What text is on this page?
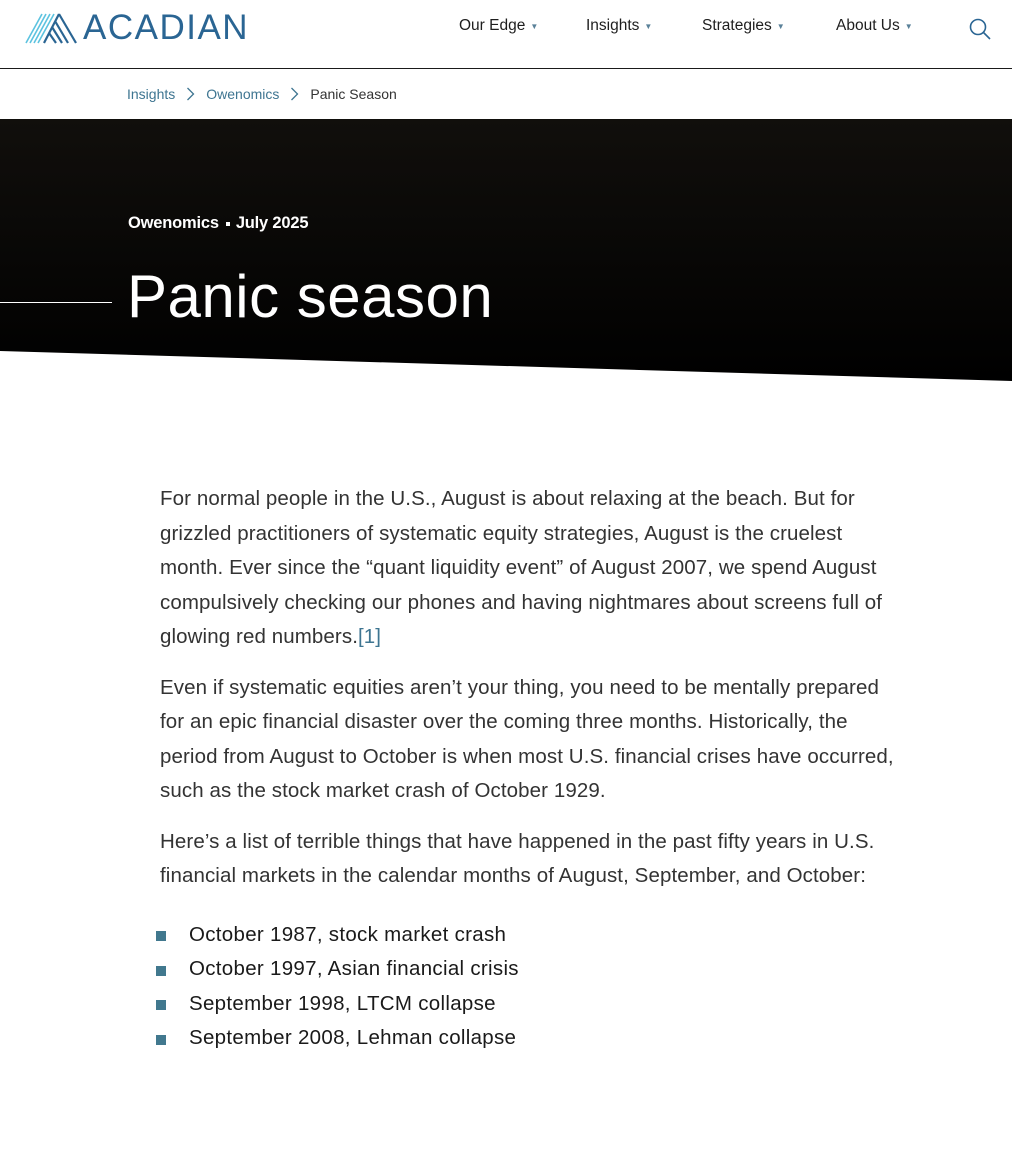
ACADIAN	Our Edge ▼	Insights ▼	Strategies ▼	About Us ▼
Insights Owenomics Panic Season
Owenomics July 2025
Panic season

For normal people in the U.S., August is about relaxing at the beach. But for grizzled practitioners of systematic equity strategies, August is the cruelest month. Ever since the “quant liquidity event” of August 2007, we spend August compulsively checking our phones and having nightmares about screens full of glowing red numbers.[1]

Even if systematic equities aren’t your thing, you need to be mentally prepared for an epic financial disaster over the coming three months. Historically, the period from August to October is when most U.S. financial crises have occurred, such as the stock market crash of October 1929.

Here’s a list of terrible things that have happened in the past fifty years in U.S. financial markets in the calendar months of August, September, and October:

October 1987, stock market crash
October 1997, Asian financial crisis
September 1998, LTCM collapse
September 2008, Lehman collapse
